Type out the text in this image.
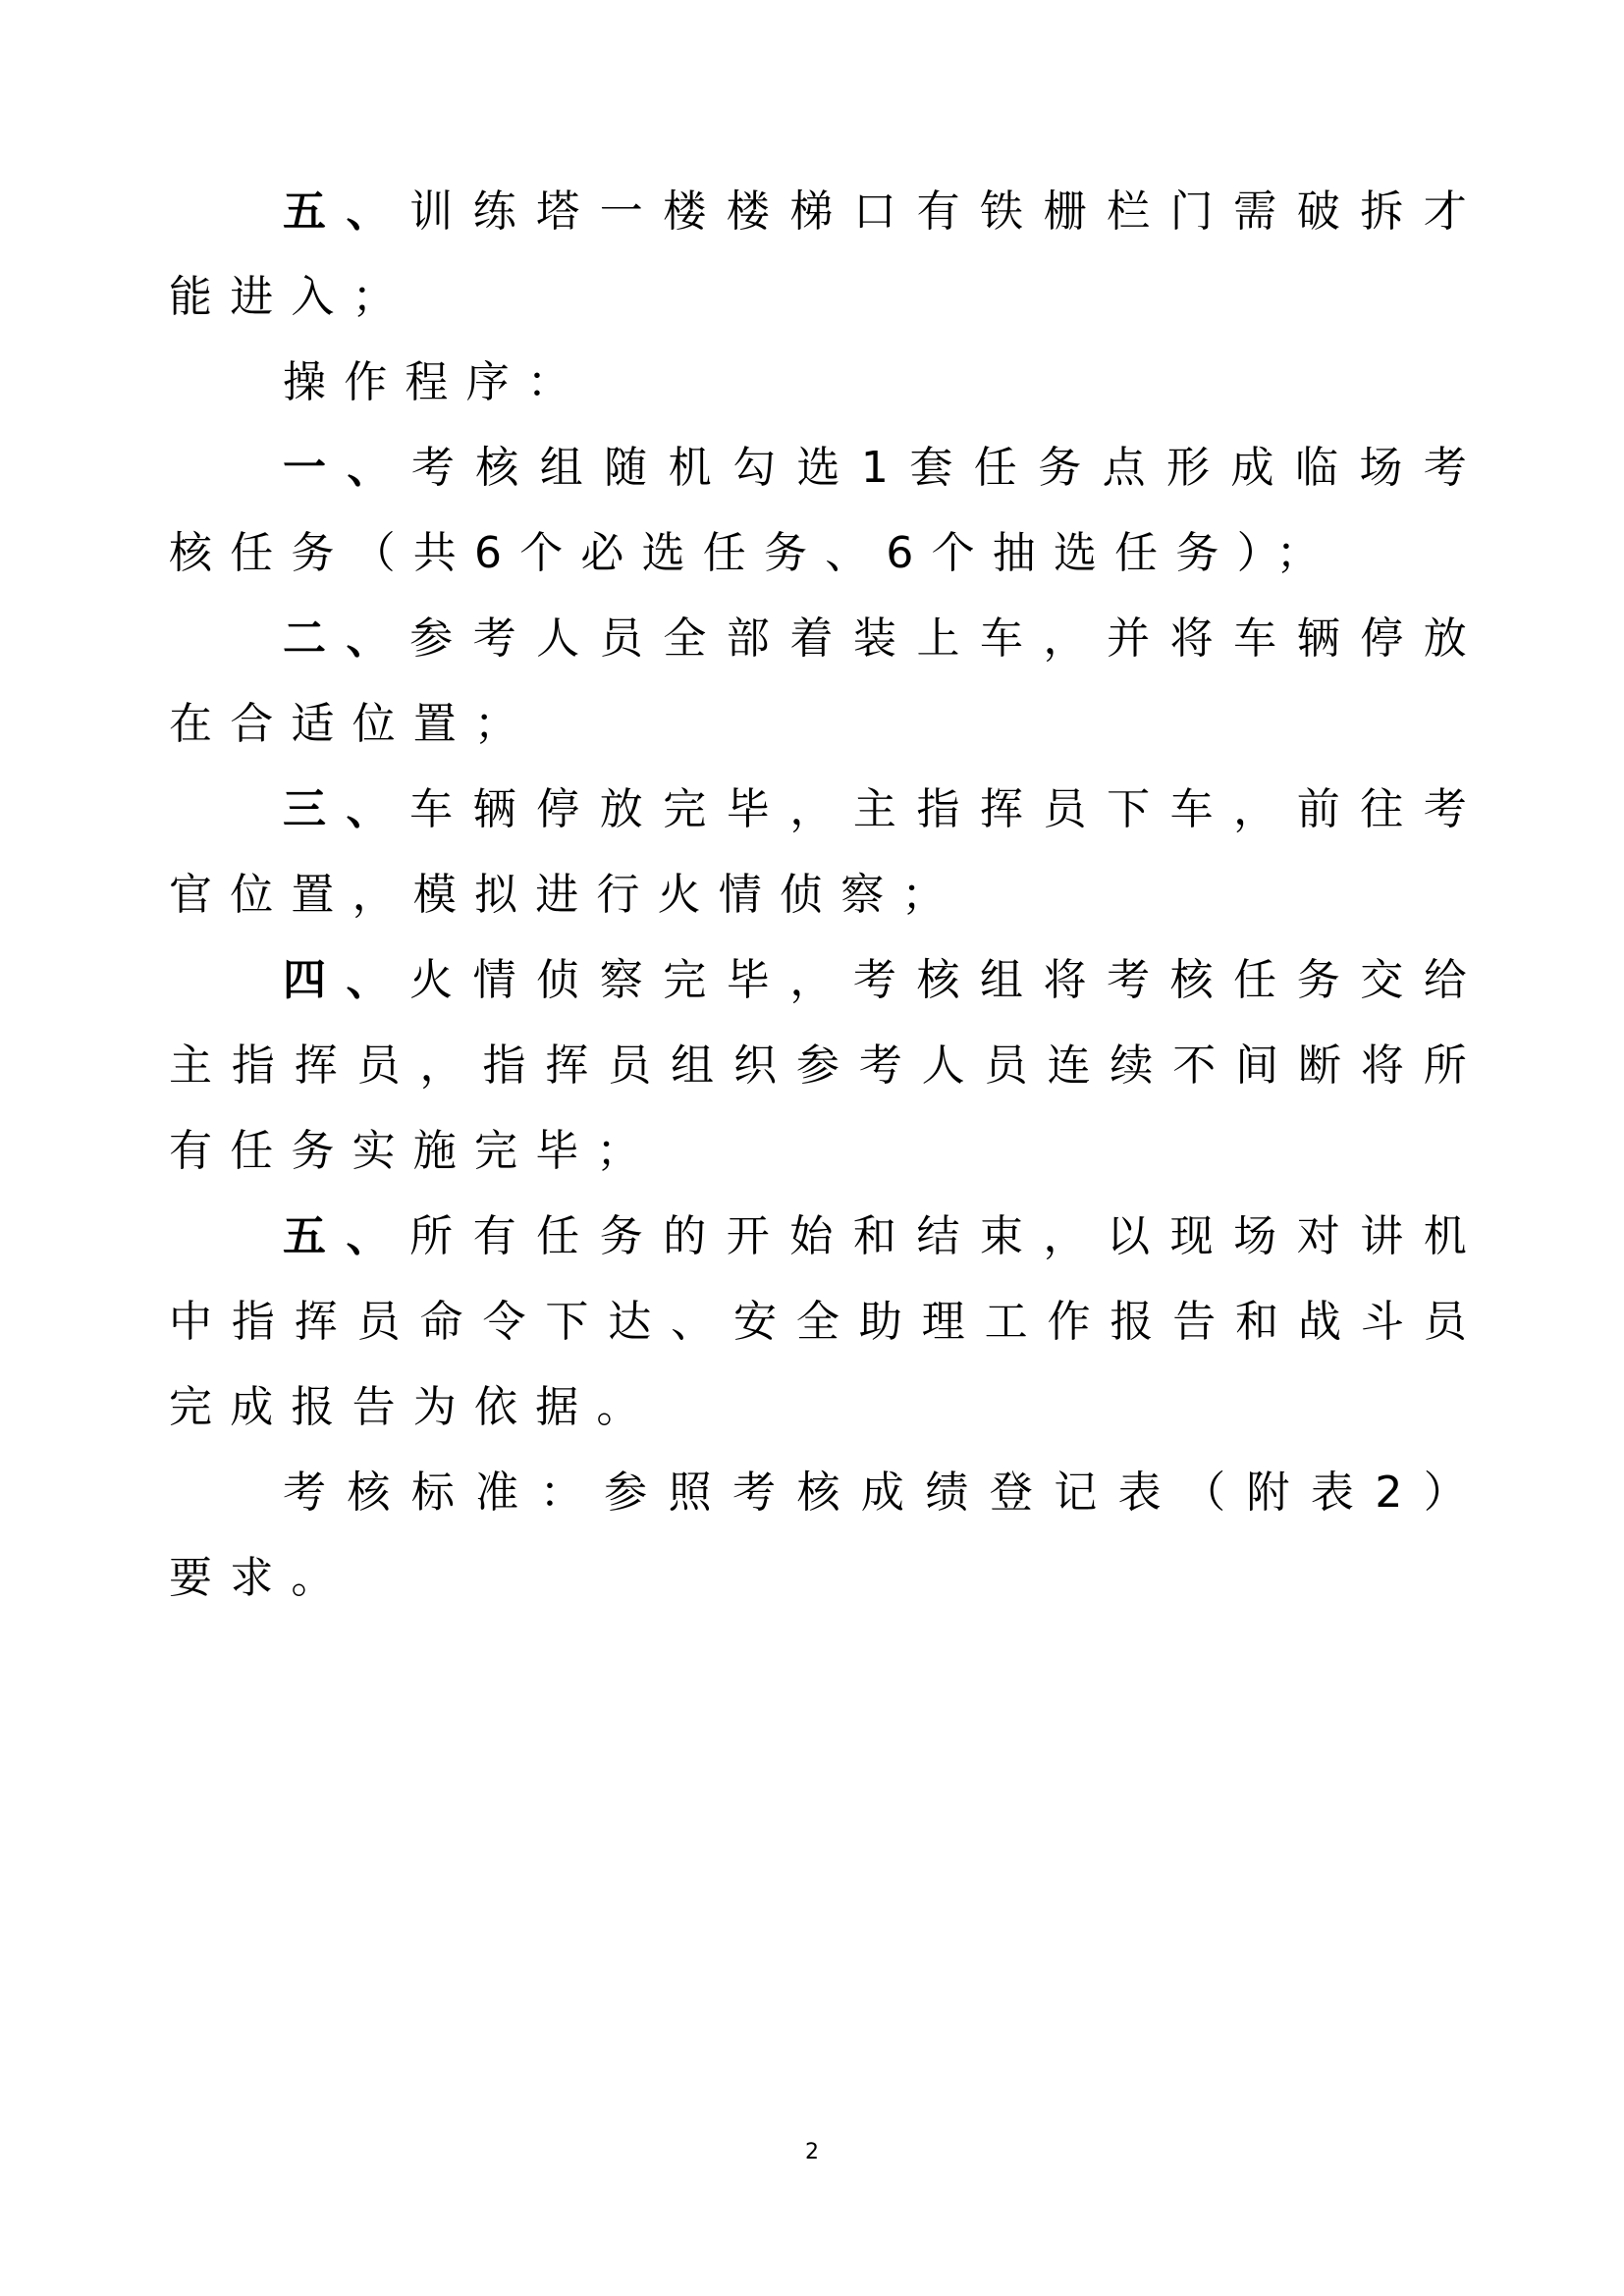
五、训练塔一楼楼梯口有铁栅栏门需破拆才能进入；

操作程序：

一、考核组随机勾选1套任务点形成临场考核任务（共6个必选任务、6个抽选任务）；

二、参考人员全部着装上车，并将车辆停放在合适位置；

三、车辆停放完毕，主指挥员下车，前往考官位置，模拟进行火情侦察；

四、火情侦察完毕，考核组将考核任务交给主指挥员，指挥员组织参考人员连续不间断将所有任务实施完毕；

五、所有任务的开始和结束，以现场对讲机中指挥员命令下达、安全助理工作报告和战斗员完成报告为依据。

考核标准：参照考核成绩登记表（附表2）要求。

2
